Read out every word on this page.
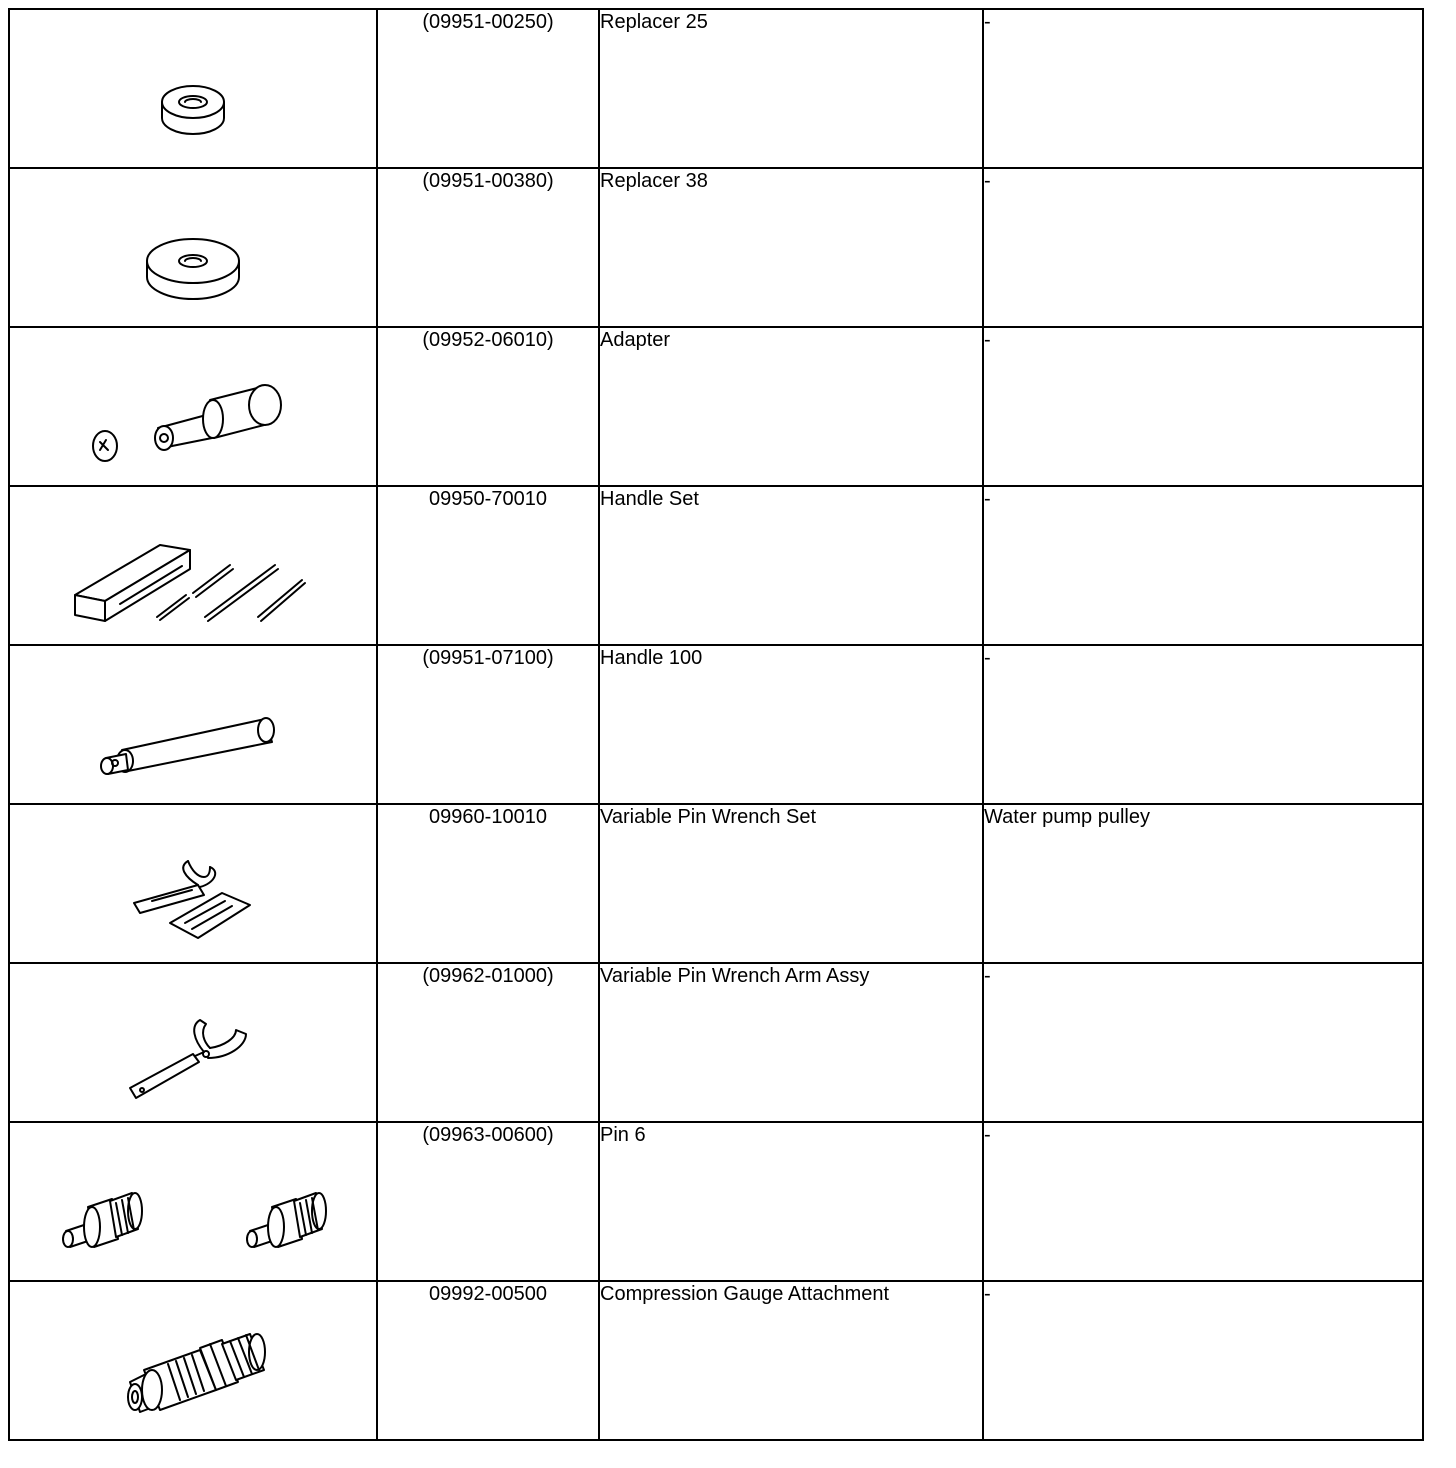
(09951-00250)	Replacer 25	-

(09951-00380)	Replacer 38	-

(09952-06010)	Adapter	-

09950-70010	Handle Set	-

(09951-07100)	Handle 100	-

09960-10010	Variable Pin Wrench Set	Water pump pulley

(09962-01000)	Variable Pin Wrench Arm Assy	-

(09963-00600)	Pin 6	-

09992-00500	Compression Gauge Attachment	-
